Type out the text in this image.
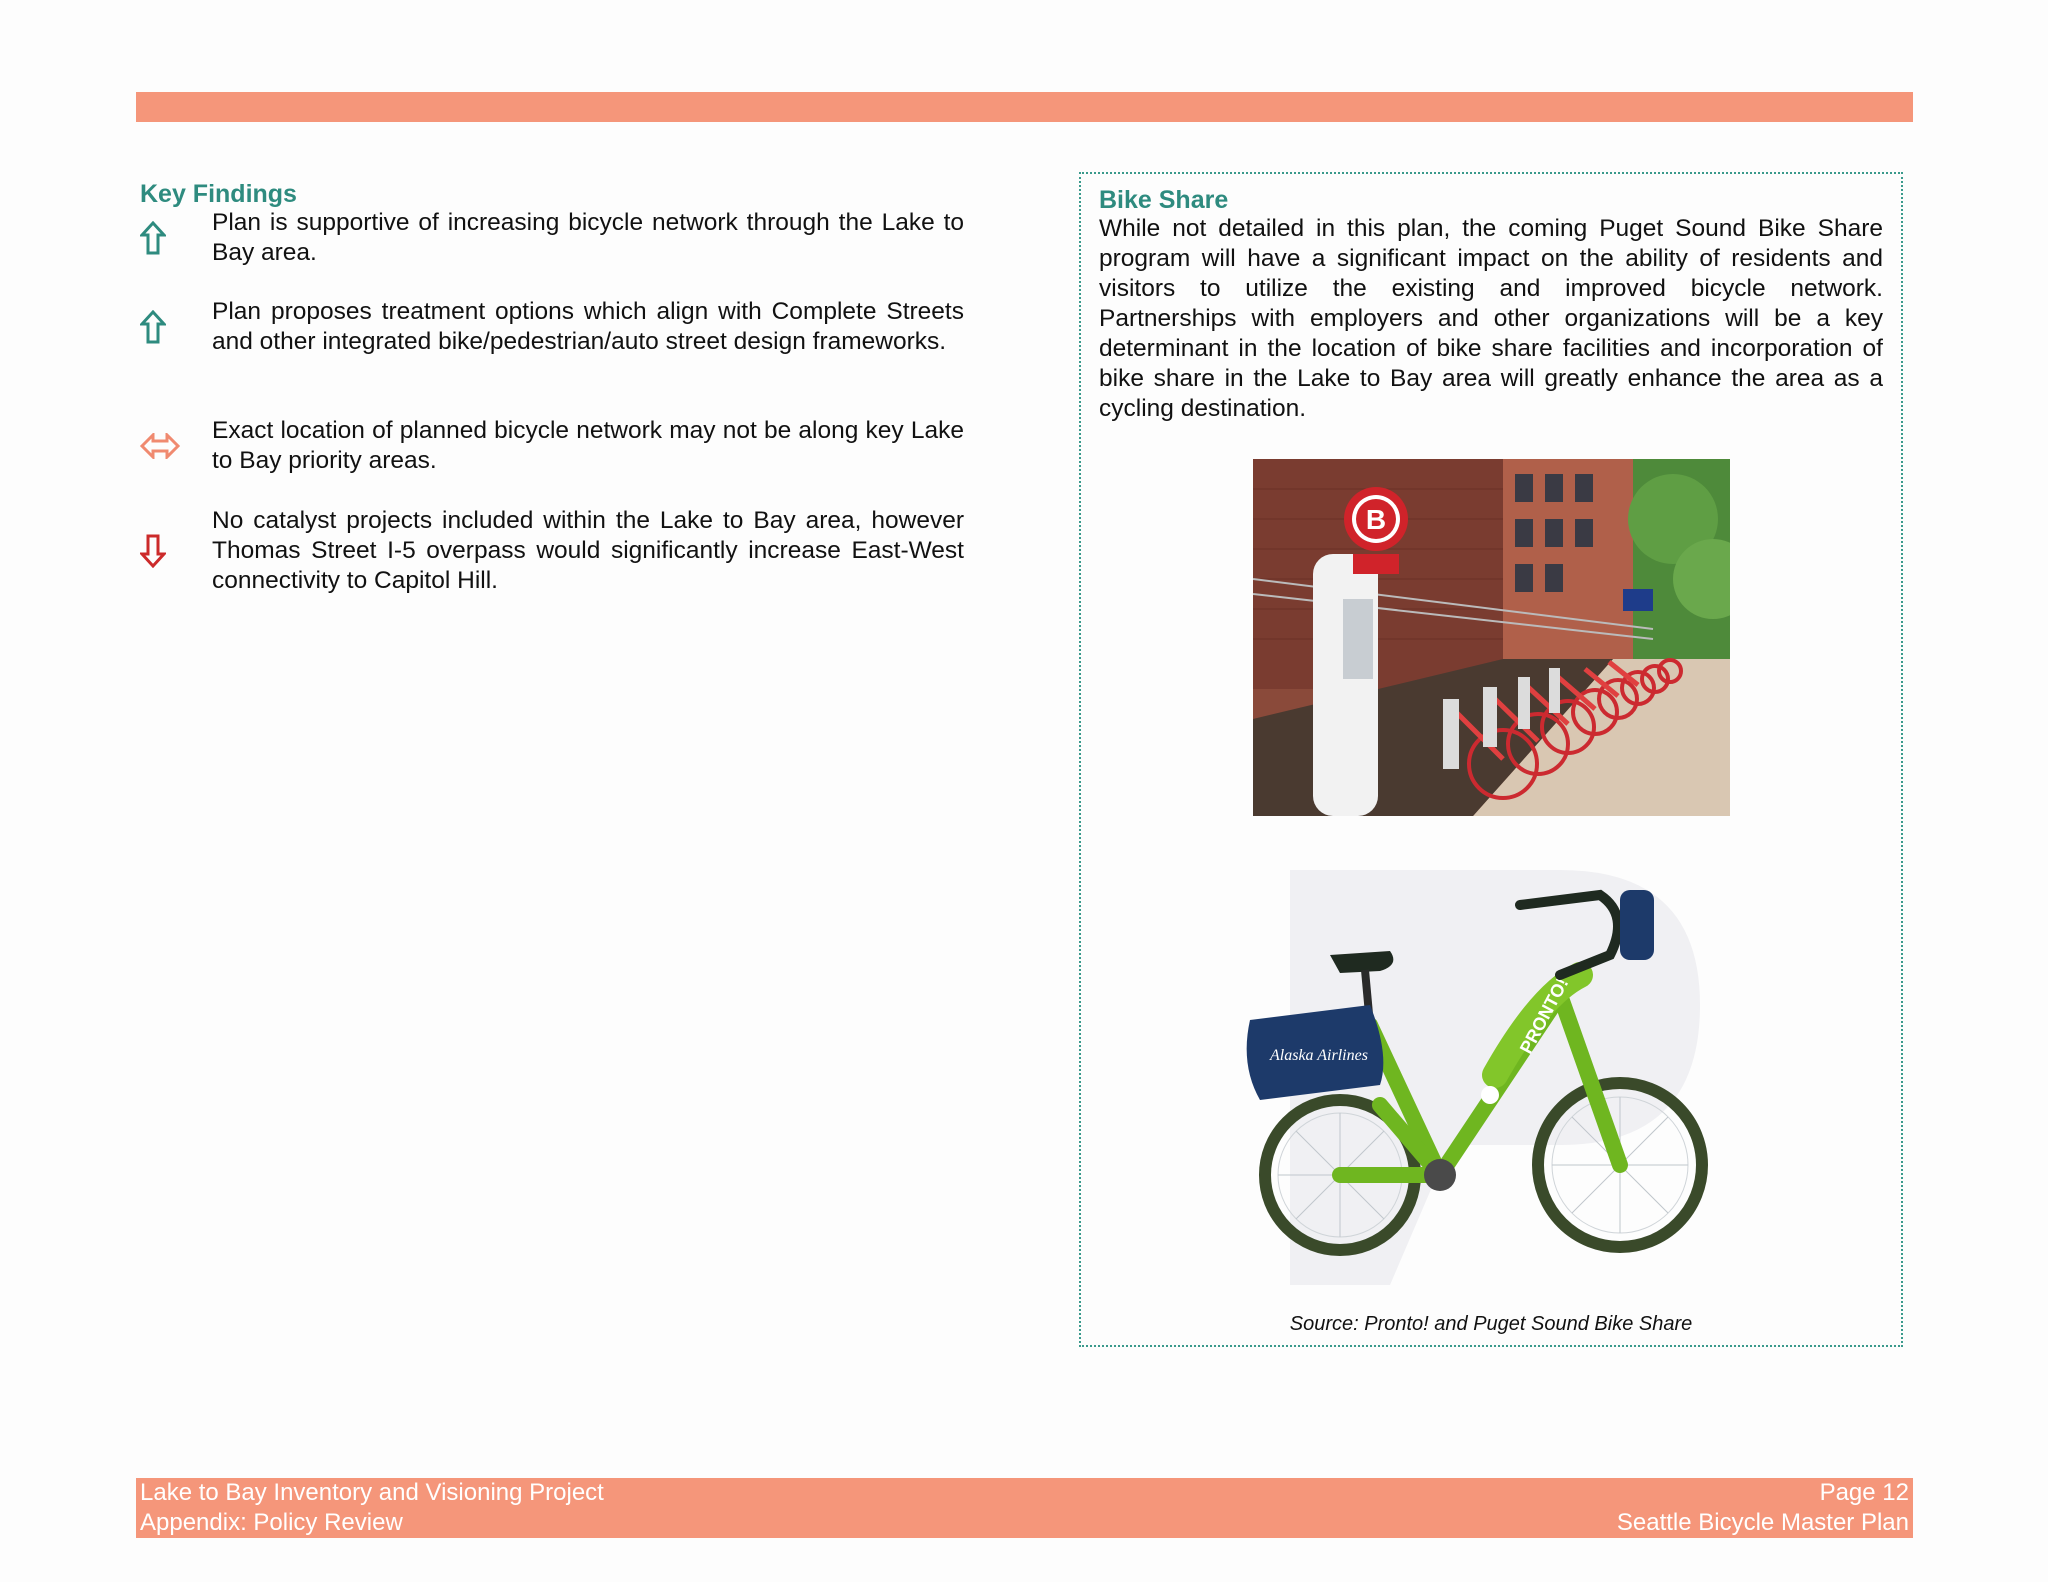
Key Findings
Plan is supportive of increasing bicycle network through the Lake to Bay area.
Plan proposes treatment options which align with Complete Streets and other integrated bike/pedestrian/auto street design frameworks.
Exact location of planned bicycle network may not be along key Lake to Bay priority areas.
No catalyst projects included within the Lake to Bay area, however Thomas Street I-5 overpass would significantly increase East-West connectivity to Capitol Hill.
Bike Share
While not detailed in this plan, the coming Puget Sound Bike Share program will have a significant impact on the ability of residents and visitors to utilize the existing and improved bicycle network. Partnerships with employers and other organizations will be a key determinant in the location of bike share facilities and incorporation of bike share in the Lake to Bay area will greatly enhance the area as a cycling destination.
B
PRONTO!
Alaska Airlines
Source: Pronto! and Puget Sound Bike Share
Lake to Bay Inventory and Visioning Project
Appendix: Policy Review
Page 12
Seattle Bicycle Master Plan
